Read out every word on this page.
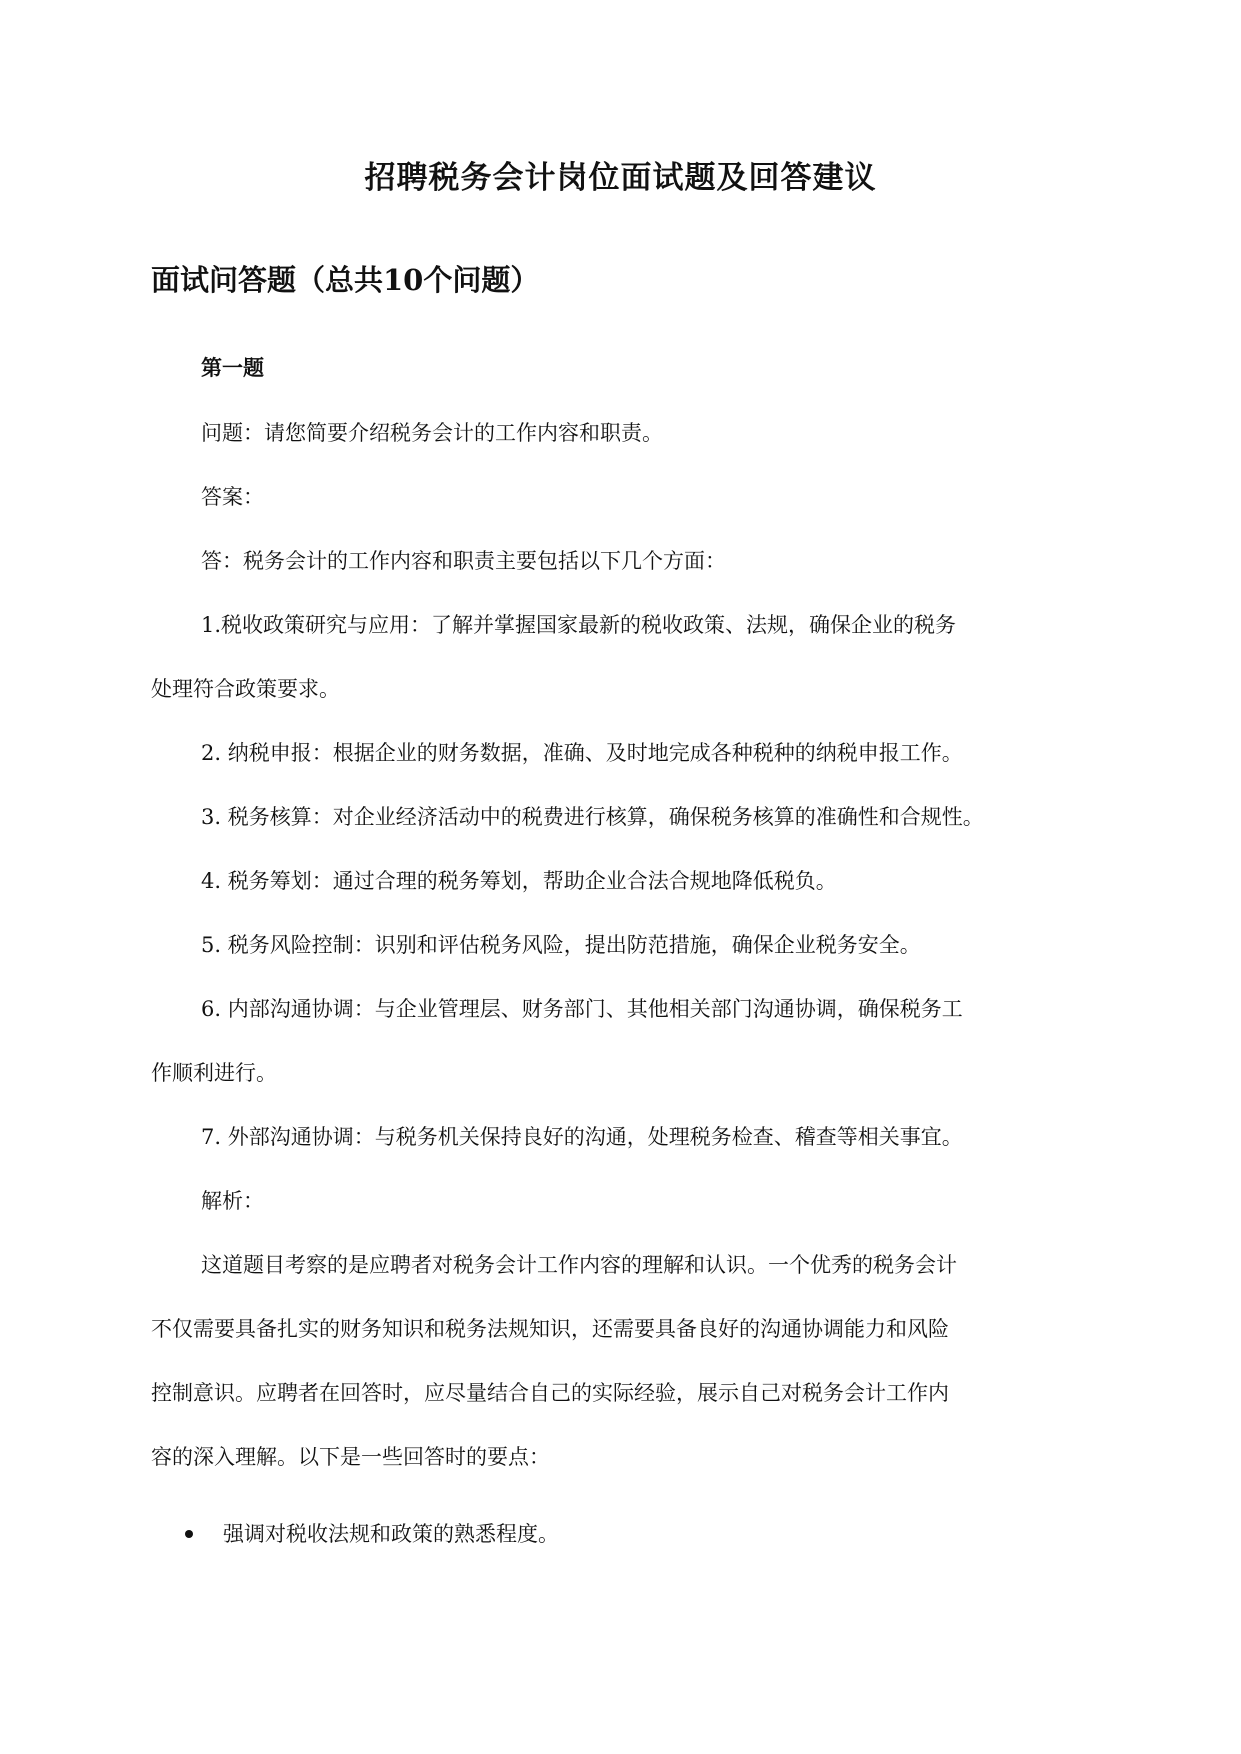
招聘税务会计岗位面试题及回答建议
面试问答题（总共10个问题）
第一题

问题：请您简要介绍税务会计的工作内容和职责。

答案：

答：税务会计的工作内容和职责主要包括以下几个方面：

1.税收政策研究与应用：了解并掌握国家最新的税收政策、法规，确保企业的税务

处理符合政策要求。

2. 纳税申报：根据企业的财务数据，准确、及时地完成各种税种的纳税申报工作。

3. 税务核算：对企业经济活动中的税费进行核算，确保税务核算的准确性和合规性。

4. 税务筹划：通过合理的税务筹划，帮助企业合法合规地降低税负。

5. 税务风险控制：识别和评估税务风险，提出防范措施，确保企业税务安全。

6. 内部沟通协调：与企业管理层、财务部门、其他相关部门沟通协调，确保税务工

作顺利进行。

7. 外部沟通协调：与税务机关保持良好的沟通，处理税务检查、稽查等相关事宜。

解析：

这道题目考察的是应聘者对税务会计工作内容的理解和认识。一个优秀的税务会计

不仅需要具备扎实的财务知识和税务法规知识，还需要具备良好的沟通协调能力和风险

控制意识。应聘者在回答时，应尽量结合自己的实际经验，展示自己对税务会计工作内

容的深入理解。以下是一些回答时的要点：

强调对税收法规和政策的熟悉程度。
